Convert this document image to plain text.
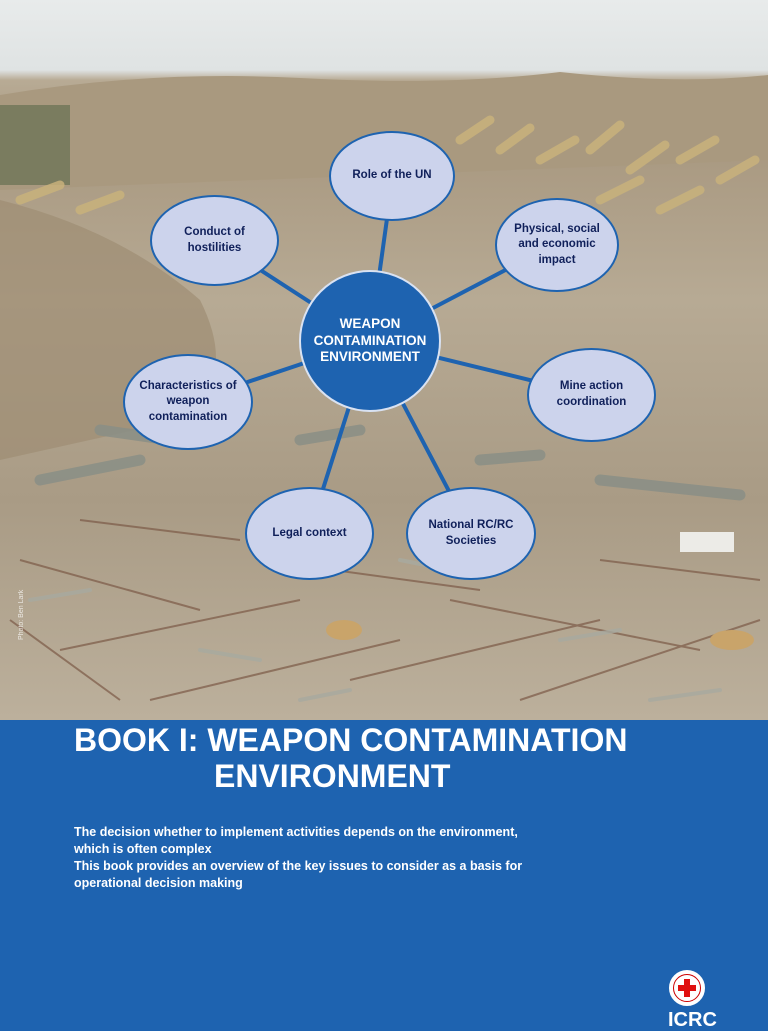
Photo: Ben Lark
Role of the UN
Physical, social and economic impact
Mine action coordination
National RC/RC Societies
Legal context
Characteristics of weapon contamination
Conduct of hostilities
WEAPON CONTAMINATION ENVIRONMENT
BOOK I: WEAPON CONTAMINATION
ENVIRONMENT

The decision whether to implement activities depends on the environment, which is often complex

This book provides an overview of the key issues to consider as a basis for operational decision making

ICRC
